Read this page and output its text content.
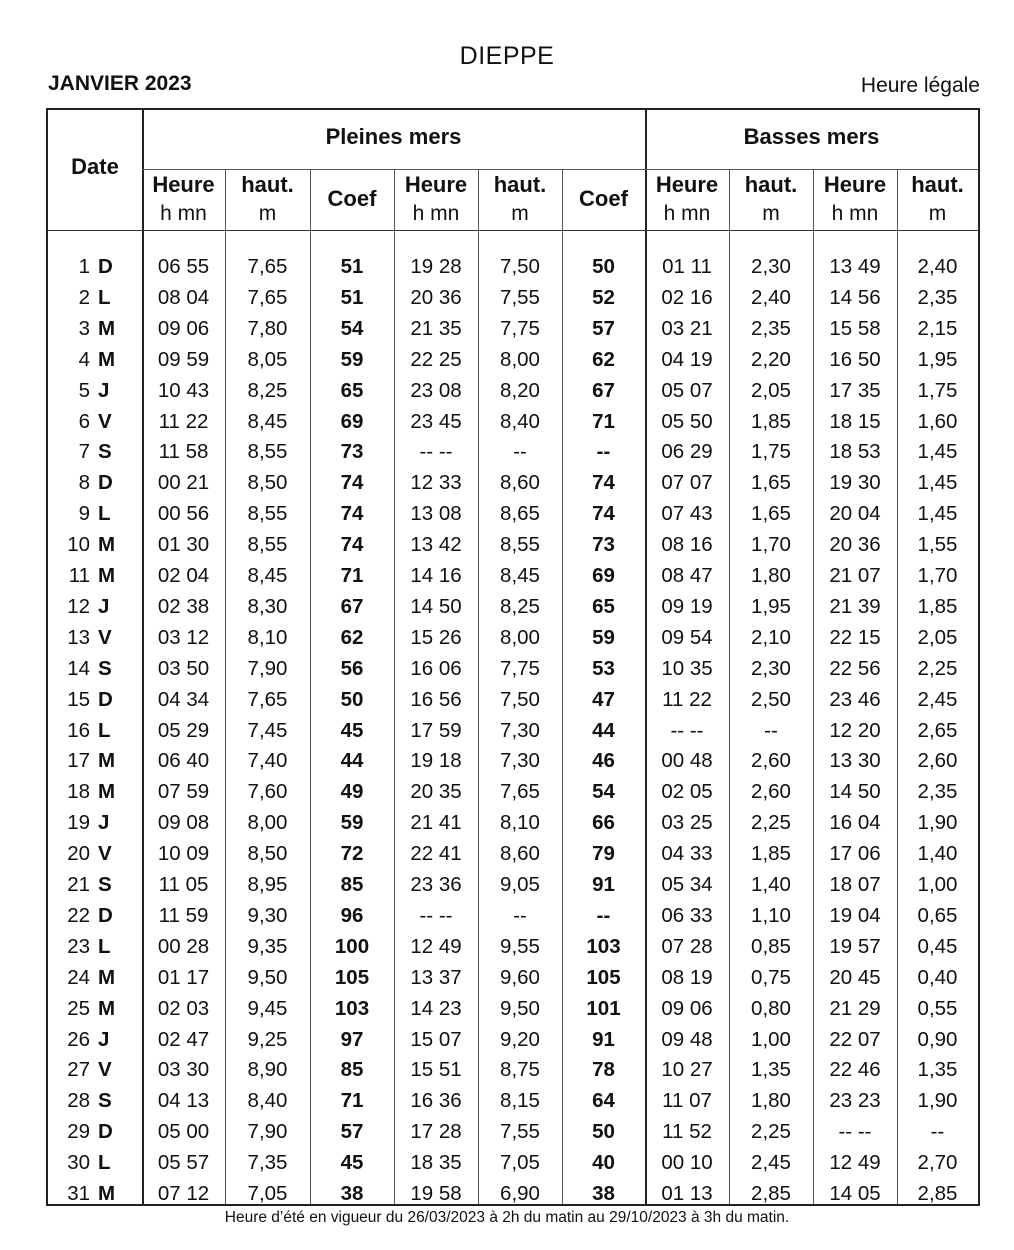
DIEPPE
JANVIER 2023	Heure légale
Date
Pleines mers	Basses mers
Heure
h mn
haut.
m
Coef
Heure
h mn
haut.
m
Coef
Heure
h mn
haut.
m
Heure
h mn
haut.
m
1 D	06 55	7,65	51	19 28	7,50	50	01 11	2,30	13 49	2,40
2 L	08 04	7,65	51	20 36	7,55	52	02 16	2,40	14 56	2,35
3 M	09 06	7,80	54	21 35	7,75	57	03 21	2,35	15 58	2,15
4 M	09 59	8,05	59	22 25	8,00	62	04 19	2,20	16 50	1,95
5 J	10 43	8,25	65	23 08	8,20	67	05 07	2,05	17 35	1,75
6 V	11 22	8,45	69	23 45	8,40	71	05 50	1,85	18 15	1,60
7 S	11 58	8,55	73	-- --	--	--	06 29	1,75	18 53	1,45
8 D	00 21	8,50	74	12 33	8,60	74	07 07	1,65	19 30	1,45
9 L	00 56	8,55	74	13 08	8,65	74	07 43	1,65	20 04	1,45
10 M	01 30	8,55	74	13 42	8,55	73	08 16	1,70	20 36	1,55
11 M	02 04	8,45	71	14 16	8,45	69	08 47	1,80	21 07	1,70
12 J	02 38	8,30	67	14 50	8,25	65	09 19	1,95	21 39	1,85
13 V	03 12	8,10	62	15 26	8,00	59	09 54	2,10	22 15	2,05
14 S	03 50	7,90	56	16 06	7,75	53	10 35	2,30	22 56	2,25
15 D	04 34	7,65	50	16 56	7,50	47	11 22	2,50	23 46	2,45
16 L	05 29	7,45	45	17 59	7,30	44	-- --	--	12 20	2,65
17 M	06 40	7,40	44	19 18	7,30	46	00 48	2,60	13 30	2,60
18 M	07 59	7,60	49	20 35	7,65	54	02 05	2,60	14 50	2,35
19 J	09 08	8,00	59	21 41	8,10	66	03 25	2,25	16 04	1,90
20 V	10 09	8,50	72	22 41	8,60	79	04 33	1,85	17 06	1,40
21 S	11 05	8,95	85	23 36	9,05	91	05 34	1,40	18 07	1,00
22 D	11 59	9,30	96	-- --	--	--	06 33	1,10	19 04	0,65
23 L	00 28	9,35	100	12 49	9,55	103	07 28	0,85	19 57	0,45
24 M	01 17	9,50	105	13 37	9,60	105	08 19	0,75	20 45	0,40
25 M	02 03	9,45	103	14 23	9,50	101	09 06	0,80	21 29	0,55
26 J	02 47	9,25	97	15 07	9,20	91	09 48	1,00	22 07	0,90
27 V	03 30	8,90	85	15 51	8,75	78	10 27	1,35	22 46	1,35
28 S	04 13	8,40	71	16 36	8,15	64	11 07	1,80	23 23	1,90
29 D	05 00	7,90	57	17 28	7,55	50	11 52	2,25	-- --	--
30 L	05 57	7,35	45	18 35	7,05	40	00 10	2,45	12 49	2,70
31 M	07 12	7,05	38	19 58	6,90	38	01 13	2,85	14 05	2,85
Heure d’été en vigueur du 26/03/2023 à 2h du matin au 29/10/2023 à 3h du matin.
